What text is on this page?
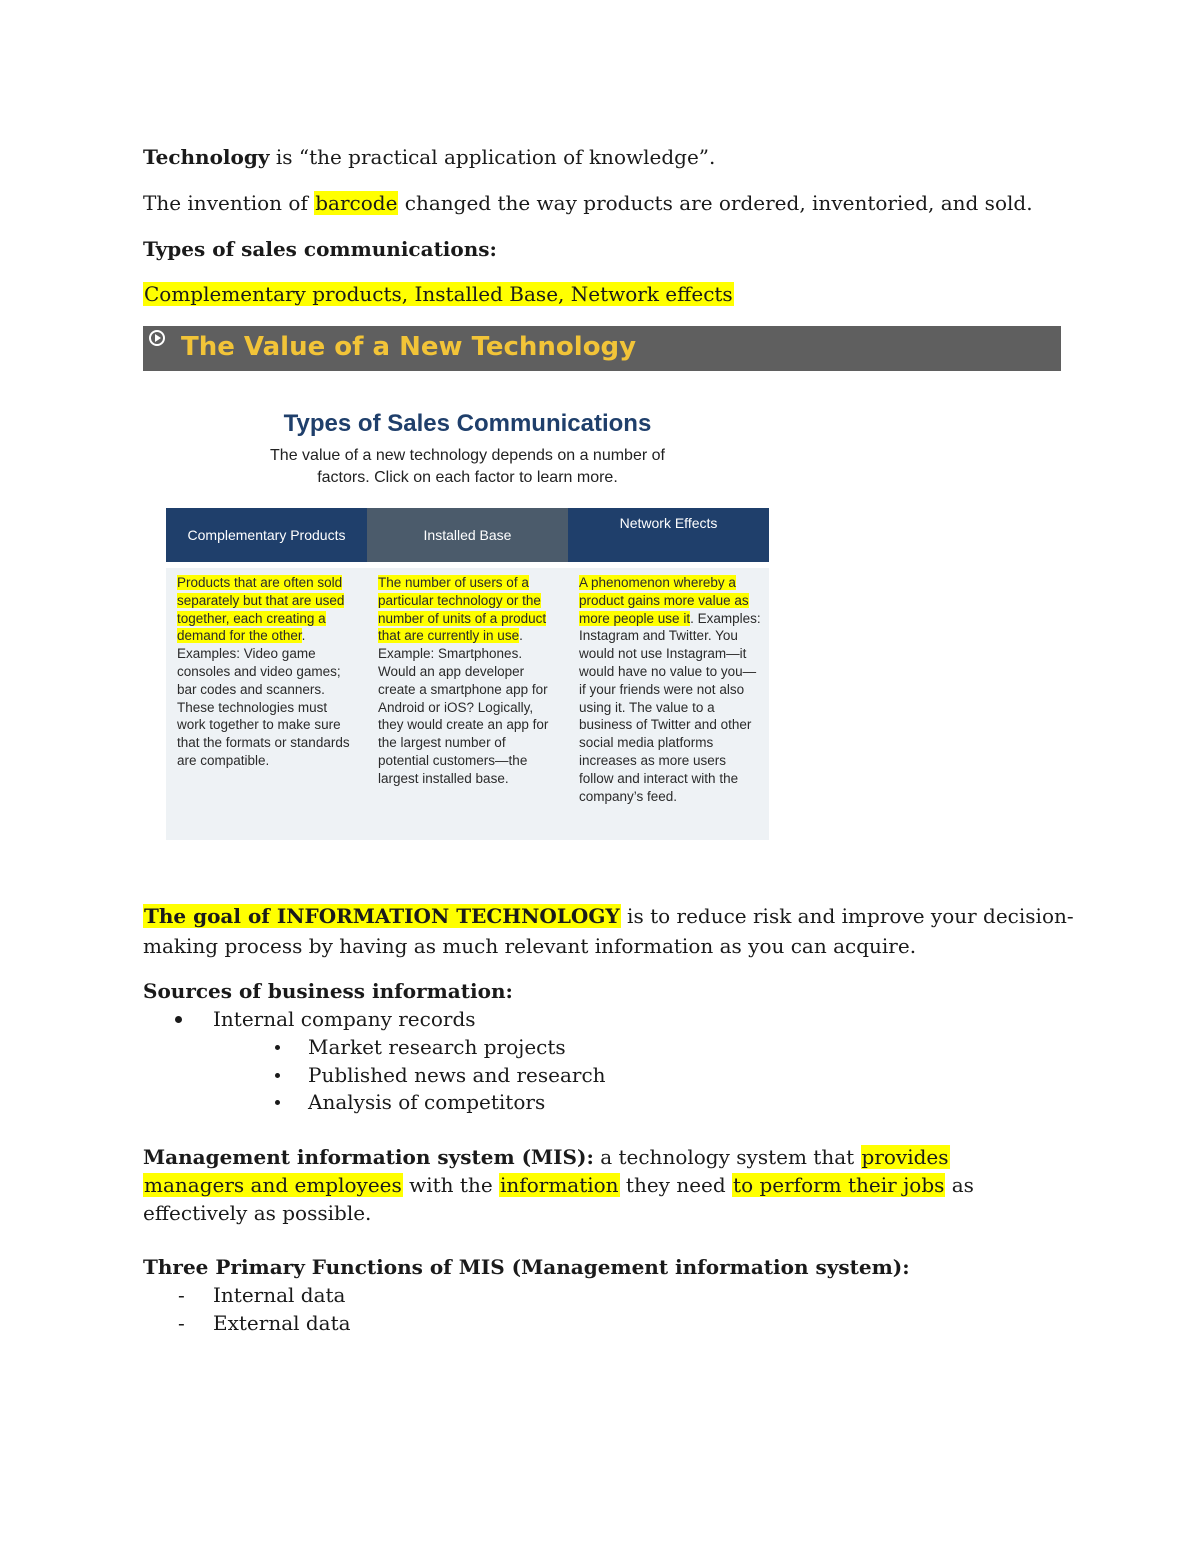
Technology is “the practical application of knowledge”.

The invention of barcode changed the way products are ordered, inventoried, and sold.

Types of sales communications:

Complementary products, Installed Base, Network effects

The Value of a New Technology
Types of Sales Communications
The value of a new technology depends on a number of
factors. Click on each factor to learn more.
Complementary Products	Installed Base
Network Effects
Products that are often sold separately but that are used together, each creating a demand for the other. Examples: Video game consoles and video games; bar codes and scanners. These technologies must work together to make sure that the formats or standards are compatible.
The number of users of a particular technology or the number of units of a product that are currently in use. Example: Smartphones. Would an app developer create a smartphone app for Android or iOS? Logically, they would create an app for the largest number of potential customers—the largest installed base.
A phenomenon whereby a product gains more value as more people use it. Examples: Instagram and Twitter. You would not use Instagram—it would have no value to you—if your friends were not also using it. The value to a business of Twitter and other social media platforms increases as more users follow and interact with the company’s feed.

The goal of INFORMATION TECHNOLOGY is to reduce risk and improve your decision-

making process by having as much relevant information as you can acquire.

Sources of business information:

Internal company records
Market research projects
Published news and research
Analysis of competitors

Management information system (MIS): a technology system that provides

managers and employees with the information they need to perform their jobs as

effectively as possible.

Three Primary Functions of MIS (Management information system):

- Internal data
- External data
